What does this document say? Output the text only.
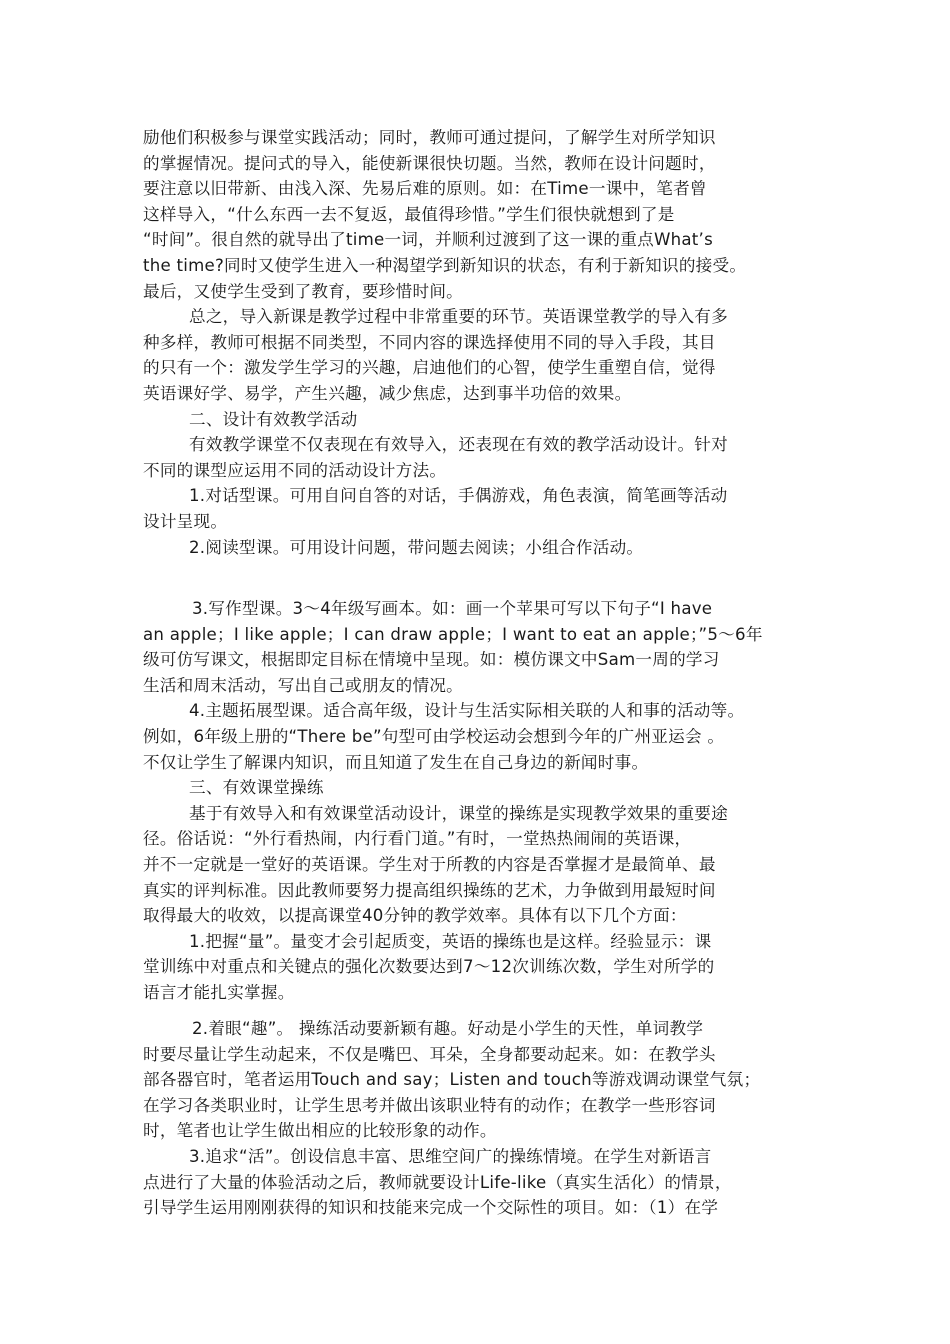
励他们积极参与课堂实践活动；同时，教师可通过提问，了解学生对所学知识
的掌握情况。提问式的导入，能使新课很快切题。当然，教师在设计问题时，
要注意以旧带新、由浅入深、先易后难的原则。如：在Time一课中，笔者曾
这样导入，“什么东西一去不复返，最值得珍惜。”学生们很快就想到了是
“时间”。很自然的就导出了time一词，并顺利过渡到了这一课的重点What’s
the time?同时又使学生进入一种渴望学到新知识的状态，有利于新知识的接受。
最后，又使学生受到了教育，要珍惜时间。
总之，导入新课是教学过程中非常重要的环节。英语课堂教学的导入有多
种多样，教师可根据不同类型，不同内容的课选择使用不同的导入手段，其目
的只有一个：激发学生学习的兴趣，启迪他们的心智，使学生重塑自信，觉得
英语课好学、易学，产生兴趣，减少焦虑，达到事半功倍的效果。
二、设计有效教学活动
有效教学课堂不仅表现在有效导入，还表现在有效的教学活动设计。针对
不同的课型应运用不同的活动设计方法。
1.对话型课。可用自问自答的对话，手偶游戏，角色表演，简笔画等活动
设计呈现。
2.阅读型课。可用设计问题，带问题去阅读；小组合作活动。
3.写作型课。3～4年级写画本。如：画一个苹果可写以下句子“I have
an apple；I like apple；I can draw apple；I want to eat an apple；”5～6年
级可仿写课文，根据即定目标在情境中呈现。如：模仿课文中Sam一周的学习
生活和周末活动，写出自己或朋友的情况。
4.主题拓展型课。适合高年级，设计与生活实际相关联的人和事的活动等。
例如，6年级上册的“There be”句型可由学校运动会想到今年的广州亚运会 。
不仅让学生了解课内知识，而且知道了发生在自己身边的新闻时事。
三、有效课堂操练
基于有效导入和有效课堂活动设计，课堂的操练是实现教学效果的重要途
径。俗话说：“外行看热闹，内行看门道。”有时，一堂热热闹闹的英语课，
并不一定就是一堂好的英语课。学生对于所教的内容是否掌握才是最简单、最
真实的评判标准。因此教师要努力提高组织操练的艺术，力争做到用最短时间
取得最大的收效，以提高课堂40分钟的教学效率。具体有以下几个方面：
1.把握“量”。量变才会引起质变，英语的操练也是这样。经验显示：课
堂训练中对重点和关键点的强化次数要达到7～12次训练次数，学生对所学的
语言才能扎实掌握。
2.着眼“趣”。 操练活动要新颖有趣。好动是小学生的天性，单词教学
时要尽量让学生动起来，不仅是嘴巴、耳朵，全身都要动起来。如：在教学头
部各器官时，笔者运用Touch and say；Listen and touch等游戏调动课堂气氛；
在学习各类职业时，让学生思考并做出该职业特有的动作；在教学一些形容词
时，笔者也让学生做出相应的比较形象的动作。
3.追求“活”。创设信息丰富、思维空间广的操练情境。在学生对新语言
点进行了大量的体验活动之后，教师就要设计Life-like（真实生活化）的情景，
引导学生运用刚刚获得的知识和技能来完成一个交际性的项目。如：（1）在学
